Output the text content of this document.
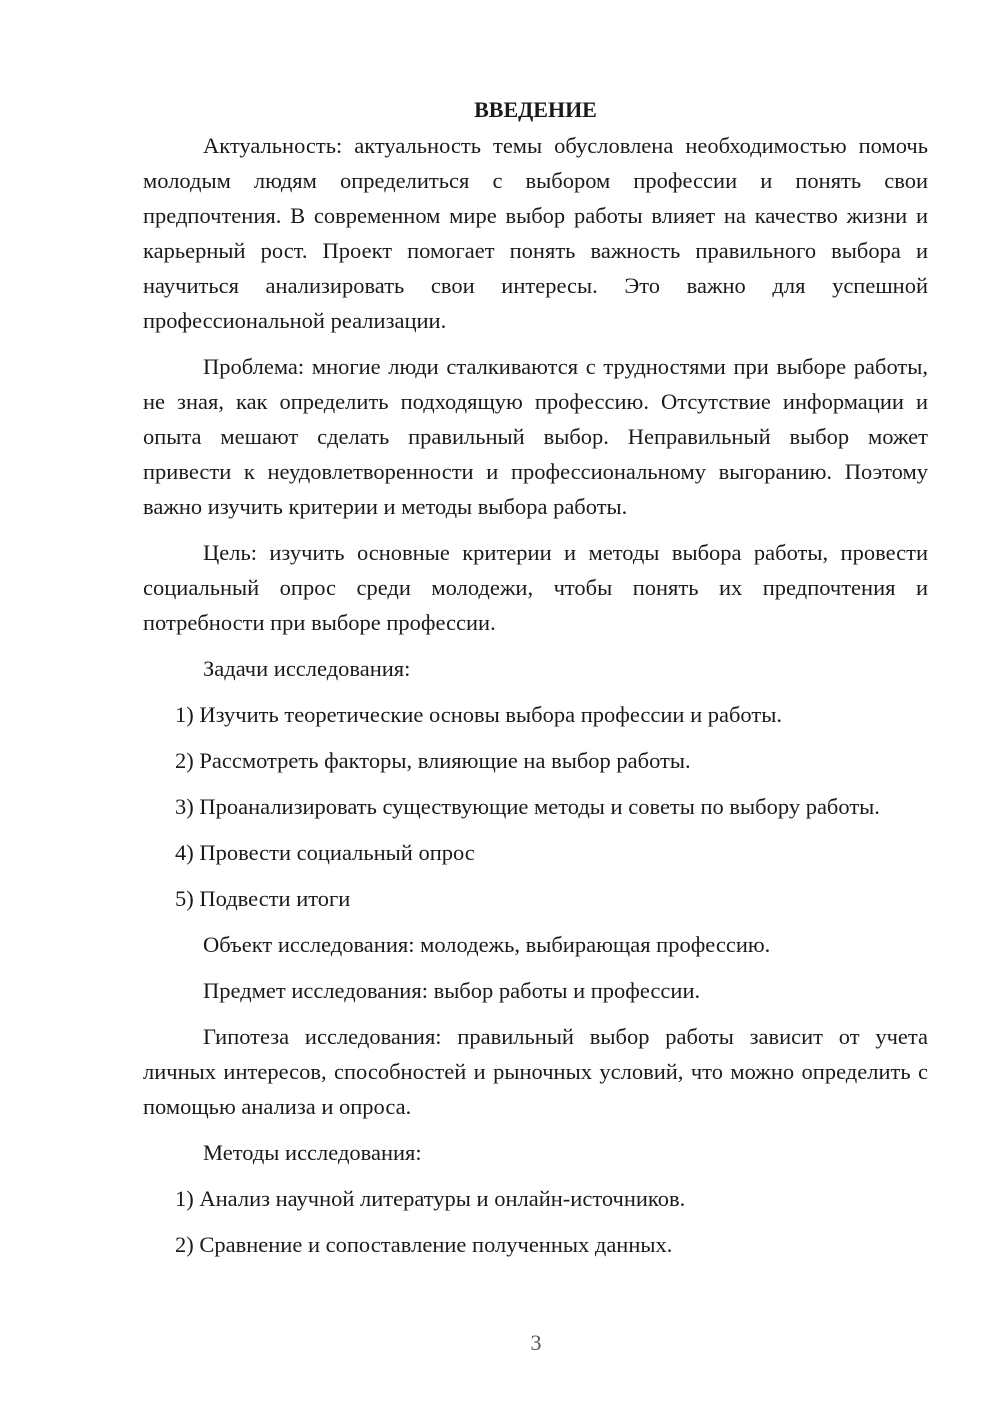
ВВЕДЕНИЕ

Актуальность: актуальность темы обусловлена необходимостью помочь молодым людям определиться с выбором профессии и понять свои предпочтения. В современном мире выбор работы влияет на качество жизни и карьерный рост. Проект помогает понять важность правильного выбора и научиться анализировать свои интересы. Это важно для успешной профессиональной реализации.

Проблема: многие люди сталкиваются с трудностями при выборе работы, не зная, как определить подходящую профессию. Отсутствие информации и опыта мешают сделать правильный выбор. Неправильный выбор может привести к неудовлетворенности и профессиональному выгоранию. Поэтому важно изучить критерии и методы выбора работы.

Цель: изучить основные критерии и методы выбора работы, провести социальный опрос среди молодежи, чтобы понять их предпочтения и потребности при выборе профессии.

Задачи исследования:

1) Изучить теоретические основы выбора профессии и работы.

2) Рассмотреть факторы, влияющие на выбор работы.

3) Проанализировать существующие методы и советы по выбору работы.

4) Провести социальный опрос

5) Подвести итоги

Объект исследования: молодежь, выбирающая профессию.

Предмет исследования: выбор работы и профессии.

Гипотеза исследования: правильный выбор работы зависит от учета личных интересов, способностей и рыночных условий, что можно определить с помощью анализа и опроса.

Методы исследования:

1) Анализ научной литературы и онлайн-источников.

2) Сравнение и сопоставление полученных данных.

3
